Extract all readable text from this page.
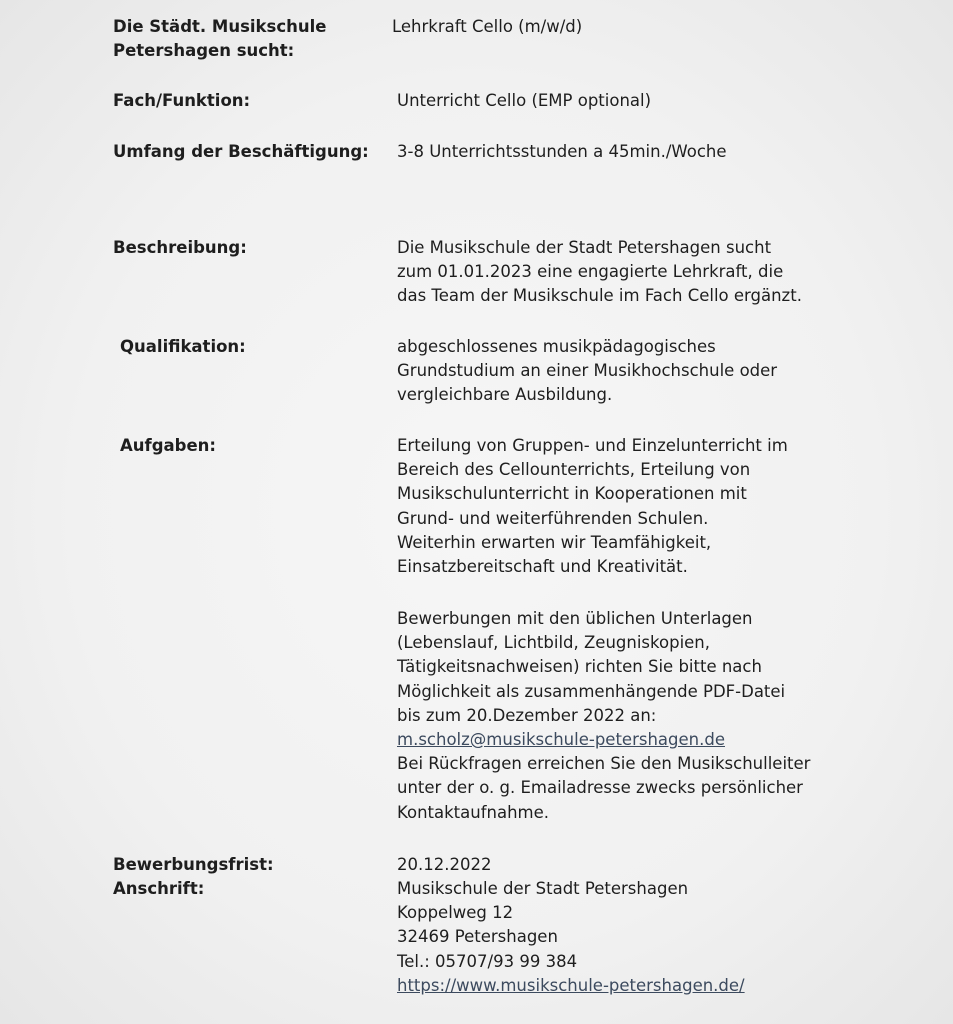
Die Städt. Musikschule
Petershagen sucht:
Lehrkraft Cello (m/w/d)
Fach/Funktion:	Unterricht Cello (EMP optional)
Umfang der Beschäftigung: 3-8 Unterrichtsstunden a 45min./Woche
Beschreibung:	Die Musikschule der Stadt Petershagen sucht
zum 01.01.2023 eine engagierte Lehrkraft, die
das Team der Musikschule im Fach Cello ergänzt.
Qualifikation:	abgeschlossenes musikpädagogisches
Grundstudium an einer Musikhochschule oder
vergleichbare Ausbildung.
Aufgaben:	Erteilung von Gruppen- und Einzelunterricht im
Bereich des Cellounterrichts, Erteilung von
Musikschulunterricht in Kooperationen mit
Grund- und weiterführenden Schulen.
Weiterhin erwarten wir Teamfähigkeit,
Einsatzbereitschaft und Kreativität.
Bewerbungen mit den üblichen Unterlagen
(Lebenslauf, Lichtbild, Zeugniskopien,
Tätigkeitsnachweisen) richten Sie bitte nach
Möglichkeit als zusammenhängende PDF-Datei
bis zum 20.Dezember 2022 an:
m.scholz@musikschule-petershagen.de
Bei Rückfragen erreichen Sie den Musikschulleiter
unter der o. g. Emailadresse zwecks persönlicher
Kontaktaufnahme.
Bewerbungsfrist:	20.12.2022
Anschrift:	Musikschule der Stadt Petershagen
Koppelweg 12
32469 Petershagen
Tel.: 05707/93 99 384
https://www.musikschule-petershagen.de/
